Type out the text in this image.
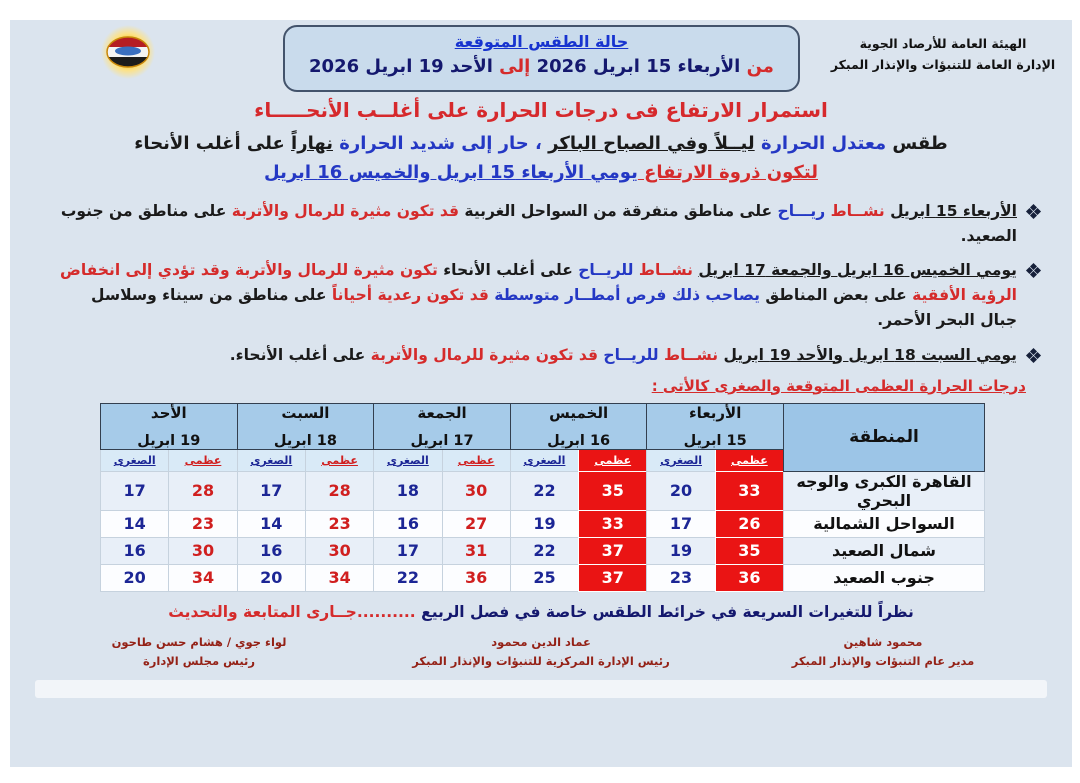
حالة الطقس المتوقعة
من الأربعاء 15 ابريل 2026 إلى الأحد 19 ابريل 2026
الهيئة العامة للأرصاد الجوية
الإدارة العامة للتنبؤات والإنذار المبكر
استمرار الارتفاع فى درجات الحرارة على أغلــب الأنحـــــاء
طقس معتدل الحرارة ليــلاً وفي الصباح الباكر ، حار إلى شديد الحرارة نهاراً على أغلب الأنحاء
لتكون ذروة الارتفاع يومي الأربعاء 15 ابريل والخميس 16 ابريل

الأربعاء 15 ابريل نشــاط ريـــاح على مناطق متفرقة من السواحل الغربية قد تكون مثيرة للرمال والأتربة على مناطق من جنوب الصعيد.

يومي الخميس 16 ابريل والجمعة 17 ابريل نشــاط للريــاح على أغلب الأنحاء تكون مثيرة للرمال والأتربة وقد تؤدي إلى انخفاض الرؤية الأفقية على بعض المناطق يصاحب ذلك فرص أمطــار متوسطة قد تكون رعدية أحياناً على مناطق من سيناء وسلاسل جبال البحر الأحمر.

يومي السبت 18 ابريل والأحد 19 ابريل نشــاط للريــاح قد تكون مثيرة للرمال والأتربة على أغلب الأنحاء.

درجات الحرارة العظمى المتوقعة والصغرى كالأتى :
المنطقة	
الأربعاء
15 ابريل

الخميس
16 ابريل

الجمعة
17 ابريل

السبت
18 ابريل

الأحد
19 ابريل

	عظمى	الصغرى	عظمى	الصغرى	عظمى	الصغرى	عظمى	الصغرى	عظمى	الصغرى
القاهرة الكبرى والوجه البحري	33	20	35	22	30	18	28	17	28	17
السواحل الشمالية	26	17	33	19	27	16	23	14	23	14
شمال الصعيد	35	19	37	22	31	17	30	16	30	16
جنوب الصعيد	36	23	37	25	36	22	34	20	34	20
نظراً للتغيرات السريعة في خرائط الطقس خاصة في فصل الربيع ..........جــارى المتابعة والتحديث
محمود شاهين
مدير عام التنبؤات والإنذار المبكر
عماد الدين محمود
رئيس الإدارة المركزية للتنبؤات والإنذار المبكر
لواء جوي / هشام حسن طاحون
رئيس مجلس الإدارة
